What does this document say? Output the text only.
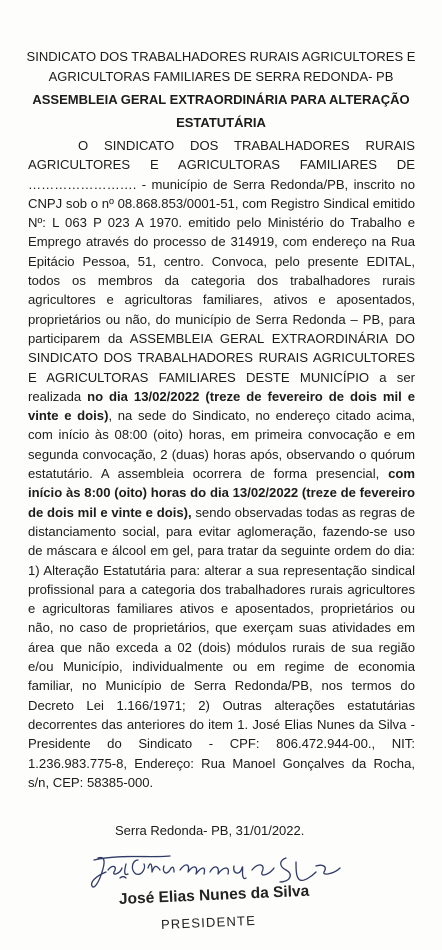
SINDICATO DOS TRABALHADORES RURAIS AGRICULTORES E
AGRICULTORAS FAMILIARES DE SERRA REDONDA- PB
ASSEMBLEIA GERAL EXTRAORDINÁRIA PARA ALTERAÇÃO
ESTATUTÁRIA

O SINDICATO DOS TRABALHADORES RURAIS AGRICULTORES E AGRICULTORAS FAMILIARES DE ……………………. - município de Serra Redonda/PB, inscrito no CNPJ sob o nº 08.868.853/0001-51, com Registro Sindical emitido Nº: L 063 P 023 A 1970. emitido pelo Ministério do Trabalho e Emprego através do processo de 314919, com endereço na Rua Epitácio Pessoa, 51, centro. Convoca, pelo presente EDITAL, todos os membros da categoria dos trabalhadores rurais agricultores e agricultoras familiares, ativos e aposentados, proprietários ou não, do município de Serra Redonda – PB, para participarem da ASSEMBLEIA GERAL EXTRAORDINÁRIA DO SINDICATO DOS TRABALHADORES RURAIS AGRICULTORES E AGRICULTORAS FAMILIARES DESTE MUNICÍPIO a ser realizada no dia 13/02/2022 (treze de fevereiro de dois mil e vinte e dois), na sede do Sindicato, no endereço citado acima, com início às 08:00 (oito) horas, em primeira convocação e em segunda convocação, 2 (duas) horas após, observando o quórum estatutário. A assembleia ocorrera de forma presencial, com início às 8:00 (oito) horas do dia 13/02/2022 (treze de fevereiro de dois mil e vinte e dois), sendo observadas todas as regras de distanciamento social, para evitar aglomeração, fazendo-se uso de máscara e álcool em gel, para tratar da seguinte ordem do dia: 1) Alteração Estatutária para: alterar a sua representação sindical profissional para a categoria dos trabalhadores rurais agricultores e agricultoras familiares ativos e aposentados, proprietários ou não, no caso de proprietários, que exerçam suas atividades em área que não exceda a 02 (dois) módulos rurais de sua região e/ou Município, individualmente ou em regime de economia familiar, no Município de Serra Redonda/PB, nos termos do Decreto Lei 1.166/1971; 2) Outras alterações estatutárias decorrentes das anteriores do item 1. José Elias Nunes da Silva - Presidente do Sindicato - CPF: 806.472.944-00., NIT: 1.236.983.775-8, Endereço: Rua Manoel Gonçalves da Rocha, s/n, CEP: 58385-000.

Serra Redonda- PB, 31/01/2022.
José Elias Nunes da Silva
PRESIDENTE
